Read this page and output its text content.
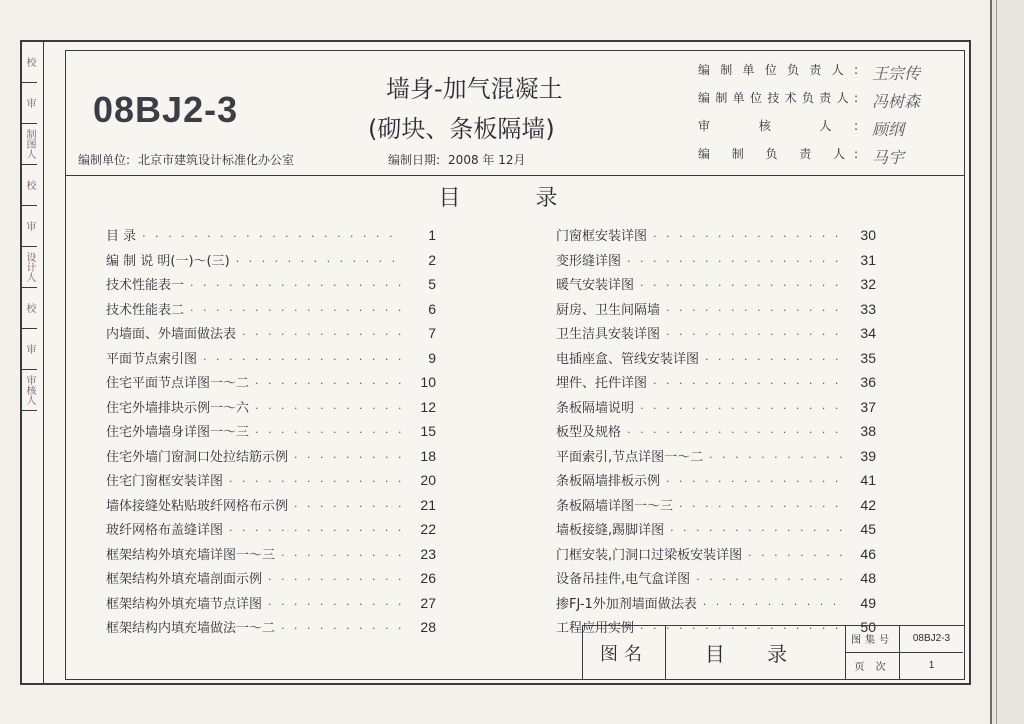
校
审
制图人
校
审
设计人
校
审
审核人
08BJ2-3	墙身-加气混凝土
(砌块、条板隔墙)
编制单位: 北京市建筑设计标准化办公室	编制日期: 2008 年 12月
编制单位负责人: 王宗传
编制单位技术负责人: 冯树森
审 核 人: 顾纲
编 制 负 责 人: 马宇
目 录
目 录 · · ·	1
编 制 说 明(一)～(三) · · ·	2
技术性能表一 · · ·	5
技术性能表二 · · ·	6
内墙面、外墙面做法表 · · ·	7
平面节点索引图 · · ·	9
住宅平面节点详图一～二 · · ·	10
住宅外墙排块示例一～六 · · ·	12
住宅外墙墙身详图一～三 · · ·	15
住宅外墙门窗洞口处拉结筋示例 · · ·	18
住宅门窗框安装详图 · · ·	20
墙体接缝处粘贴玻纤网格布示例 · · ·	21
玻纤网格布盖缝详图 · · ·	22
框架结构外填充墙详图一～三 · · ·	23
框架结构外填充墙剖面示例 · · ·	26
框架结构外填充墙节点详图 · · ·	27
框架结构内填充墙做法一～二 · · ·	28
门窗框安装详图 · · ·	30
变形缝详图 · · ·	31
暖气安装详图 · · ·	32
厨房、卫生间隔墙 · · ·	33
卫生洁具安装详图 · · ·	34
电插座盒、管线安装详图 · · ·	35
埋件、托件详图 · · ·	36
条板隔墙说明 · · ·	37
板型及规格 · · ·	38
平面索引,节点详图一～二 · · ·	39
条板隔墙排板示例 · · ·	41
条板隔墙详图一～三 · · ·	42
墙板接缝,踢脚详图 · · ·	45
门框安装,门洞口过梁板安装详图 · · ·	46
设备吊挂件,电气盒详图 · · ·	48
掺FJ-1外加剂墙面做法表 · · ·	49
工程应用实例 · · ·	50
图名	目 录
图集号	08BJ2-3
页 次	1
